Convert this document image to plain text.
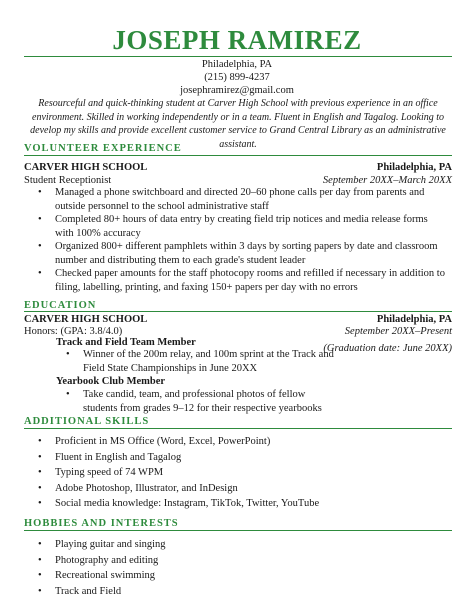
JOSEPH RAMIREZ
Philadelphia, PA
(215) 899-4237
josephramirez@gmail.com
Resourceful and quick-thinking student at Carver High School with previous experience in an office environment. Skilled in working independently or in a team. Fluent in English and Tagalog. Looking to develop my skills and provide excellent customer service to Grand Central Library as an administrative assistant.
VOLUNTEER EXPERIENCE
CARVER HIGH SCHOOL	Philadelphia, PA
Student Receptionist	September 20XX–March 20XX
• Managed a phone switchboard and directed 20–60 phone calls per day from parents and outside personnel to the school administrative staff
• Completed 80+ hours of data entry by creating field trip notices and media release forms with 100% accuracy
• Organized 800+ different pamphlets within 3 days by sorting papers by date and classroom number and distributing them to each grade's student leader
• Checked paper amounts for the staff photocopy rooms and refilled if necessary in addition to filing, labelling, printing, and faxing 150+ papers per day with no errors
EDUCATION
CARVER HIGH SCHOOL	Philadelphia, PA
Honors: (GPA: 3.8/4.0)	September 20XX–Present
(Graduation date: June 20XX)
Track and Field Team Member
• Winner of the 200m relay, and 100m sprint at the Track and Field State Championships in June 20XX
Yearbook Club Member
• Take candid, team, and professional photos of fellow students from grades 9–12 for their respective yearbooks
ADDITIONAL SKILLS
• Proficient in MS Office (Word, Excel, PowerPoint)
• Fluent in English and Tagalog
• Typing speed of 74 WPM
• Adobe Photoshop, Illustrator, and InDesign
• Social media knowledge: Instagram, TikTok, Twitter, YouTube
HOBBIES AND INTERESTS
• Playing guitar and singing
• Photography and editing
• Recreational swimming
• Track and Field
